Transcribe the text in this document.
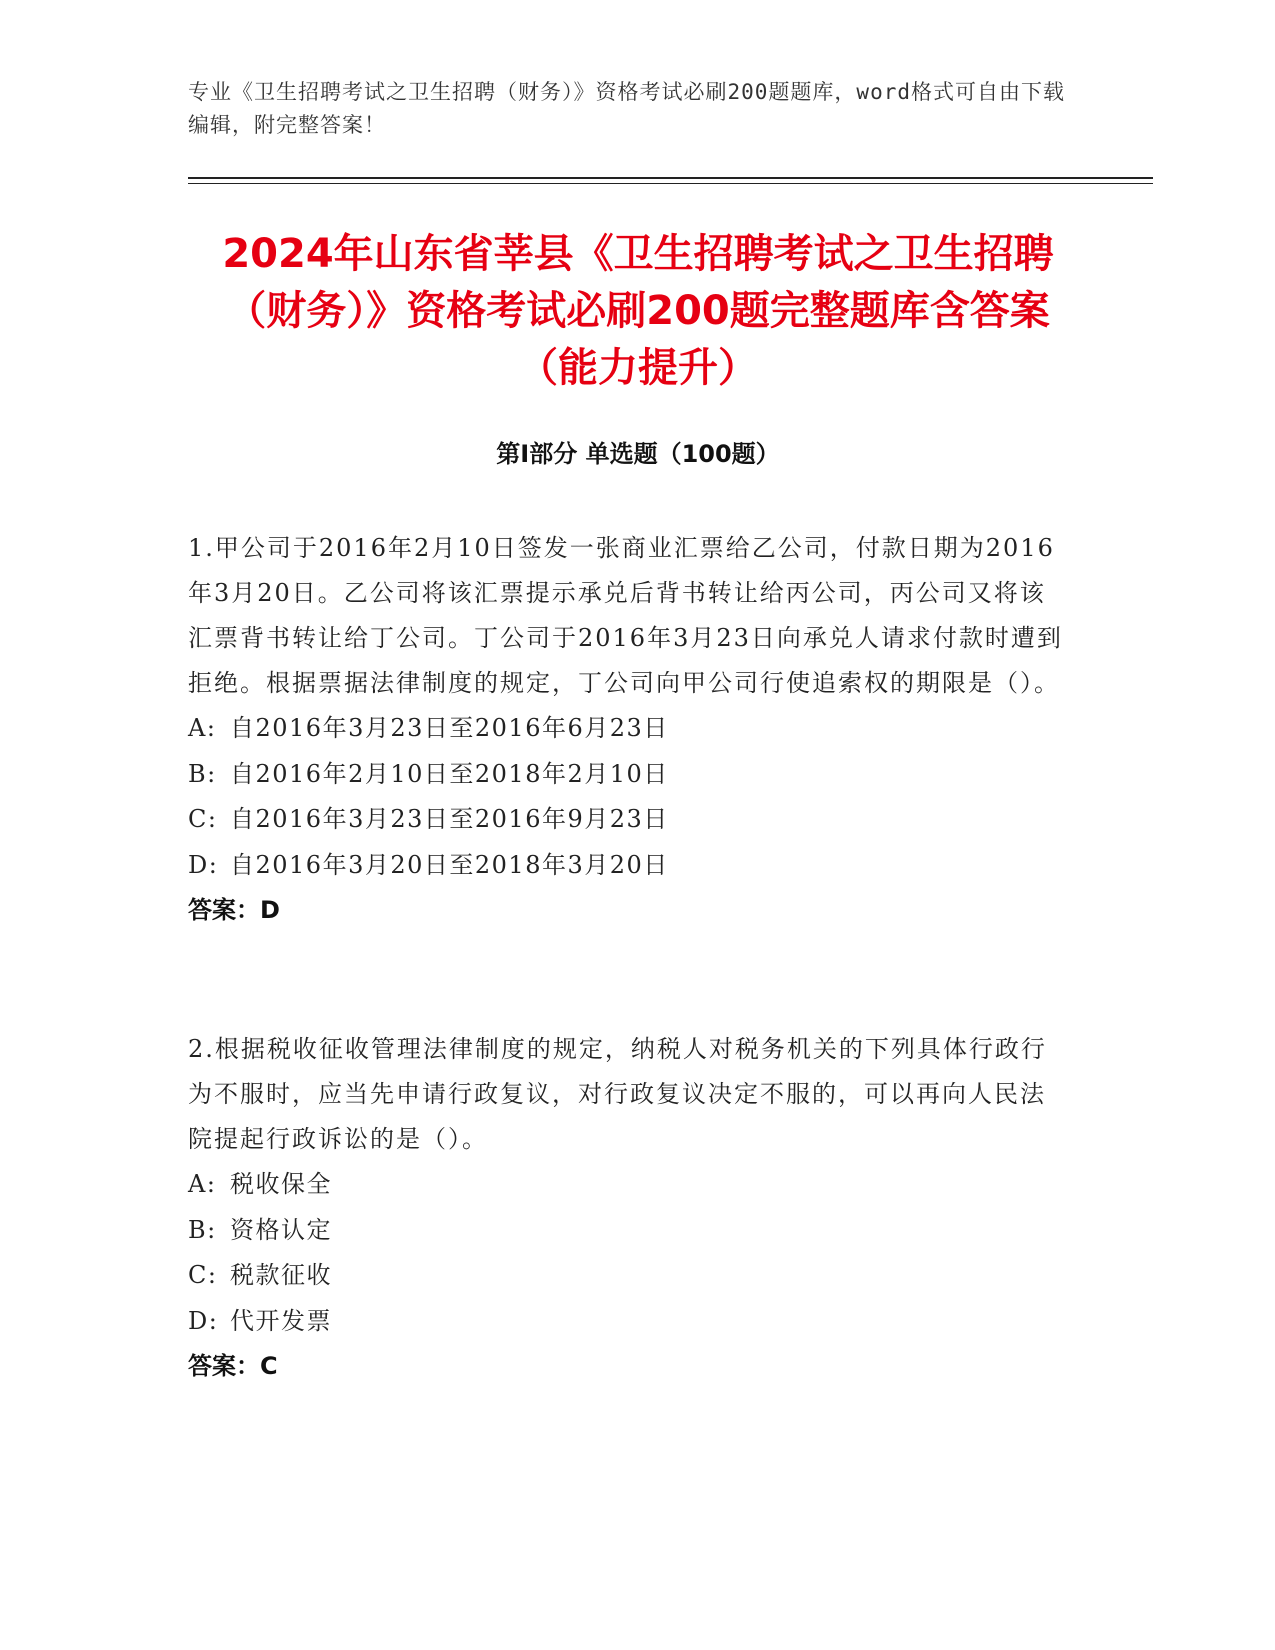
专业《卫生招聘考试之卫生招聘（财务）》资格考试必刷200题题库，word格式可自由下载编辑，附完整答案！
2024年山东省莘县《卫生招聘考试之卫生招聘（财务）》资格考试必刷200题完整题库含答案（能力提升）
第I部分 单选题（100题）
1.甲公司于2016年2月10日签发一张商业汇票给乙公司，付款日期为2016年3月20日。乙公司将该汇票提示承兑后背书转让给丙公司，丙公司又将该汇票背书转让给丁公司。丁公司于2016年3月23日向承兑人请求付款时遭到拒绝。根据票据法律制度的规定，丁公司向甲公司行使追索权的期限是（）。
A: 自2016年3月23日至2016年6月23日
B: 自2016年2月10日至2018年2月10日
C: 自2016年3月23日至2016年9月23日
D: 自2016年3月20日至2018年3月20日
答案：D
2.根据税收征收管理法律制度的规定，纳税人对税务机关的下列具体行政行为不服时，应当先申请行政复议，对行政复议决定不服的，可以再向人民法院提起行政诉讼的是（）。
A: 税收保全
B: 资格认定
C: 税款征收
D: 代开发票
答案：C
